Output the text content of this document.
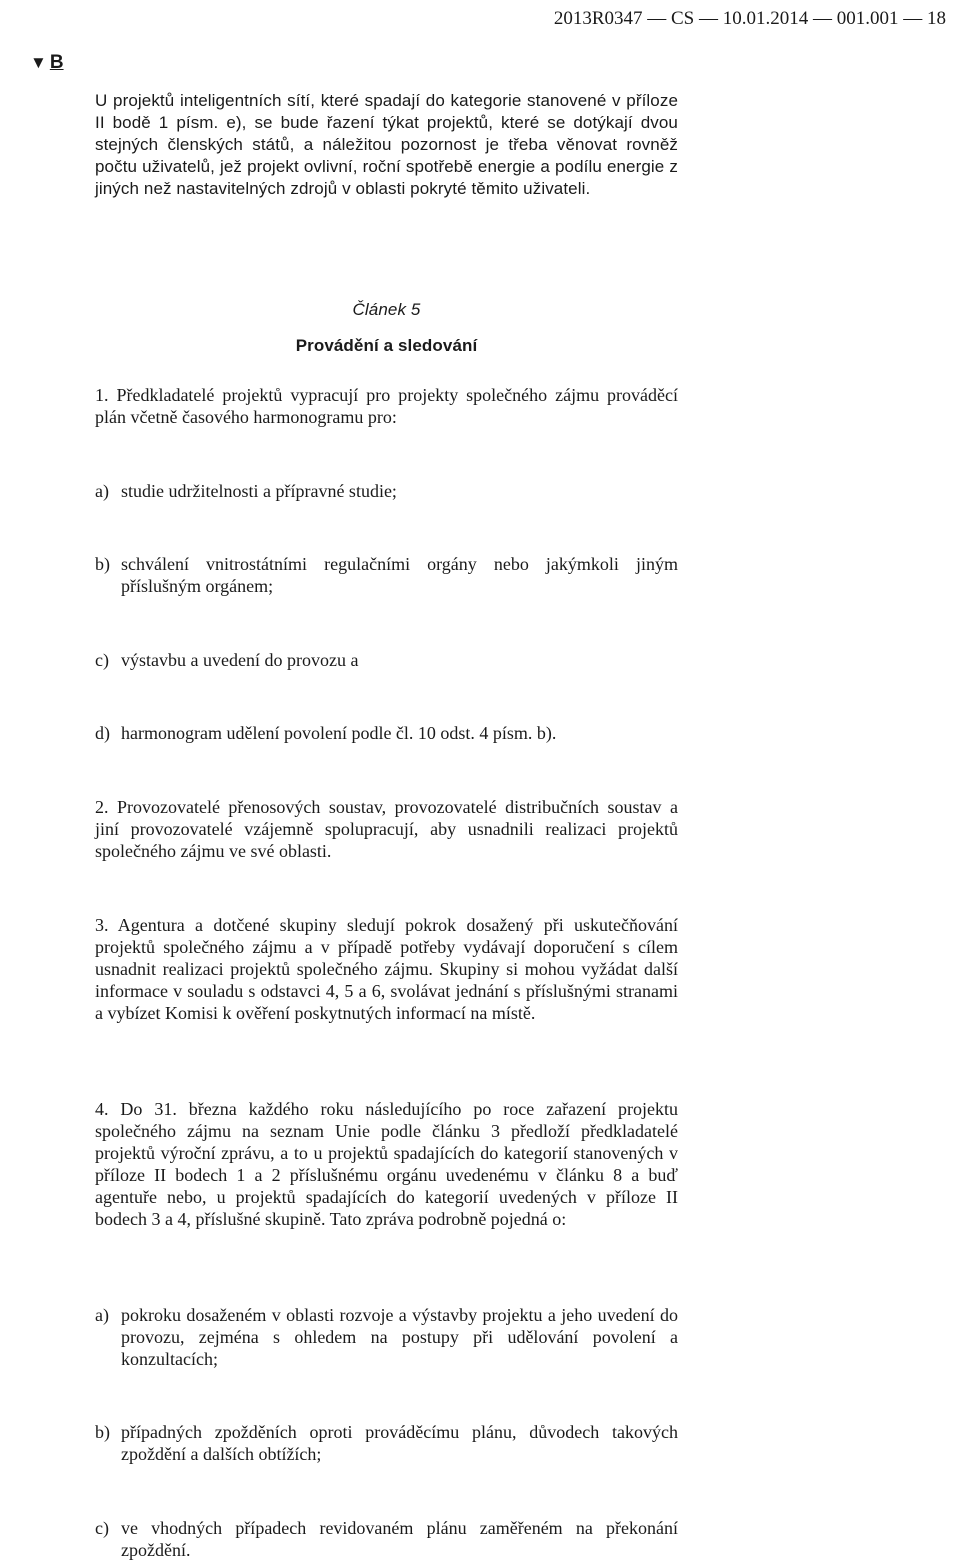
2013R0347 — CS — 10.01.2014 — 001.001 — 18
▼ B
U projektů inteligentních sítí, které spadají do kategorie stanovené v příloze II bodě 1 písm. e), se bude řazení týkat projektů, které se dotýkají dvou stejných členských států, a náležitou pozornost je třeba věnovat rovněž počtu uživatelů, jež projekt ovlivní, roční spotřebě energie a podílu energie z jiných než nastavitelných zdrojů v oblasti pokryté těmito uživateli.
Článek 5
Provádění a sledování
1. Předkladatelé projektů vypracují pro projekty společného zájmu prováděcí plán včetně časového harmonogramu pro:
a) studie udržitelnosti a přípravné studie;
b) schválení vnitrostátními regulačními orgány nebo jakýmkoli jiným příslušným orgánem;
c) výstavbu a uvedení do provozu a
d) harmonogram udělení povolení podle čl. 10 odst. 4 písm. b).
2. Provozovatelé přenosových soustav, provozovatelé distribučních soustav a jiní provozovatelé vzájemně spolupracují, aby usnadnili realizaci projektů společného zájmu ve své oblasti.
3. Agentura a dotčené skupiny sledují pokrok dosažený při uskutečňování projektů společného zájmu a v případě potřeby vydávají doporučení s cílem usnadnit realizaci projektů společného zájmu. Skupiny si mohou vyžádat další informace v souladu s odstavci 4, 5 a 6, svolávat jednání s příslušnými stranami a vybízet Komisi k ověření poskytnutých informací na místě.
4. Do 31. března každého roku následujícího po roce zařazení projektu společného zájmu na seznam Unie podle článku 3 předloží předkladatelé projektů výroční zprávu, a to u projektů spadajících do kategorií stanovených v příloze II bodech 1 a 2 příslušnému orgánu uvedenému v článku 8 a buď agentuře nebo, u projektů spadajících do kategorií uvedených v příloze II bodech 3 a 4, příslušné skupině. Tato zpráva podrobně pojedná o:
a) pokroku dosaženém v oblasti rozvoje a výstavby projektu a jeho uvedení do provozu, zejména s ohledem na postupy při udělování povolení a konzultacích;
b) případných zpožděních oproti prováděcímu plánu, důvodech takových zpoždění a dalších obtížích;
c) ve vhodných případech revidovaném plánu zaměřeném na překonání zpoždění.
